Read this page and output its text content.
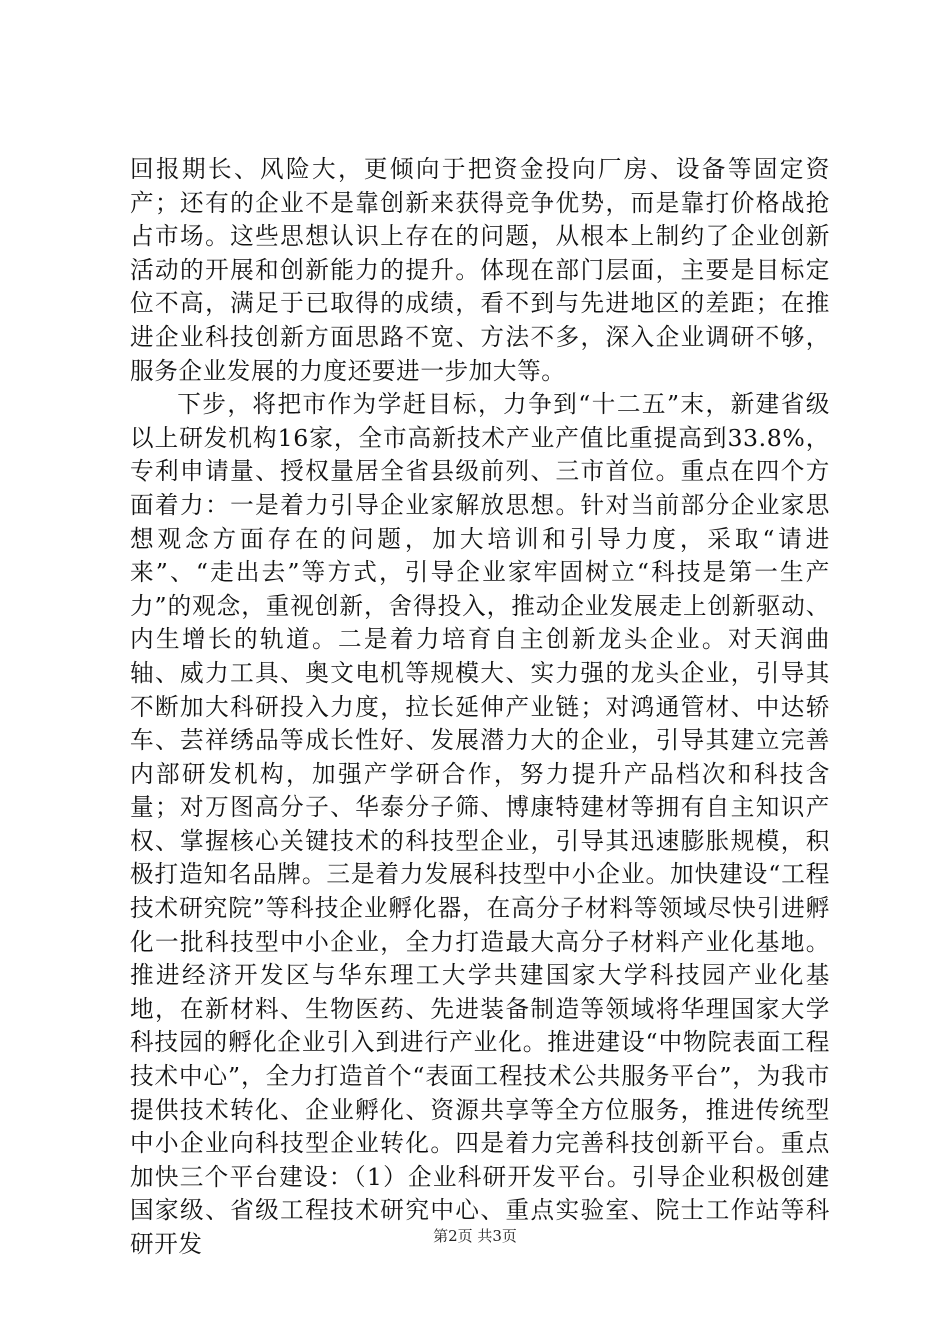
回报期长、风险大，更倾向于把资金投向厂房、设备等固定资产；还有的企业不是靠创新来获得竞争优势，而是靠打价格战抢占市场。这些思想认识上存在的问题，从根本上制约了企业创新活动的开展和创新能力的提升。体现在部门层面，主要是目标定位不高，满足于已取得的成绩，看不到与先进地区的差距；在推进企业科技创新方面思路不宽、方法不多，深入企业调研不够，服务企业发展的力度还要进一步加大等。

下步，将把市作为学赶目标，力争到“十二五”末，新建省级以上研发机构16家，全市高新技术产业产值比重提高到33.8%，专利申请量、授权量居全省县级前列、三市首位。重点在四个方面着力：一是着力引导企业家解放思想。针对当前部分企业家思想观念方面存在的问题，加大培训和引导力度，采取“请进来”、“走出去”等方式，引导企业家牢固树立“科技是第一生产力”的观念，重视创新，舍得投入，推动企业发展走上创新驱动、内生增长的轨道。二是着力培育自主创新龙头企业。对天润曲轴、威力工具、奥文电机等规模大、实力强的龙头企业，引导其不断加大科研投入力度，拉长延伸产业链；对鸿通管材、中达轿车、芸祥绣品等成长性好、发展潜力大的企业，引导其建立完善内部研发机构，加强产学研合作，努力提升产品档次和科技含量；对万图高分子、华泰分子筛、博康特建材等拥有自主知识产权、掌握核心关键技术的科技型企业，引导其迅速膨胀规模，积极打造知名品牌。三是着力发展科技型中小企业。加快建设“工程技术研究院”等科技企业孵化器，在高分子材料等领域尽快引进孵化一批科技型中小企业，全力打造最大高分子材料产业化基地。推进经济开发区与华东理工大学共建国家大学科技园产业化基地，在新材料、生物医药、先进装备制造等领域将华理国家大学科技园的孵化企业引入到进行产业化。推进建设“中物院表面工程技术中心”，全力打造首个“表面工程技术公共服务平台”，为我市提供技术转化、企业孵化、资源共享等全方位服务，推进传统型中小企业向科技型企业转化。四是着力完善科技创新平台。重点加快三个平台建设：（1）企业科研开发平台。引导企业积极创建国家级、省级工程技术研究中心、重点实验室、院士工作站等科研开发	第2页 共3页
